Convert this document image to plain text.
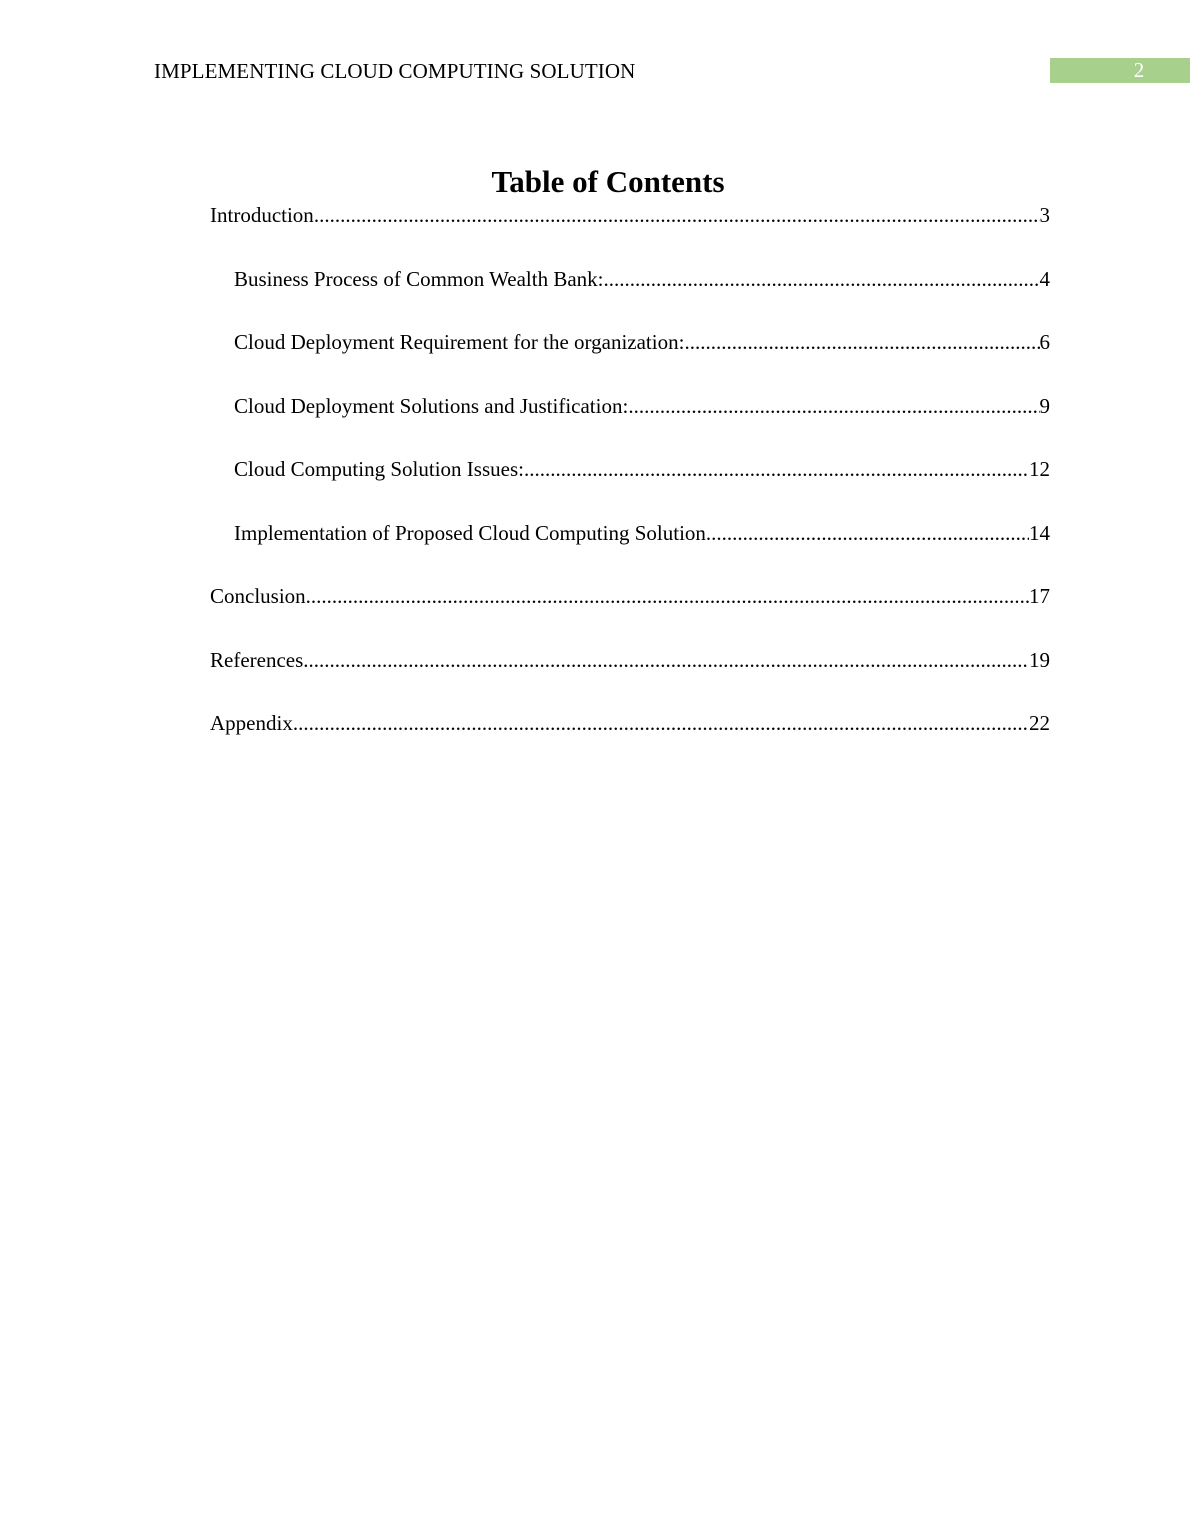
IMPLEMENTING CLOUD COMPUTING SOLUTION	2
Table of Contents
Introduction .....	3
Business Process of Common Wealth Bank: .....	4
Cloud Deployment Requirement for the organization: .....	6
Cloud Deployment Solutions and Justification: .....	9
Cloud Computing Solution Issues: .....	12
Implementation of Proposed Cloud Computing Solution .....	14
Conclusion .....	17
References .....	19
Appendix .....	22
